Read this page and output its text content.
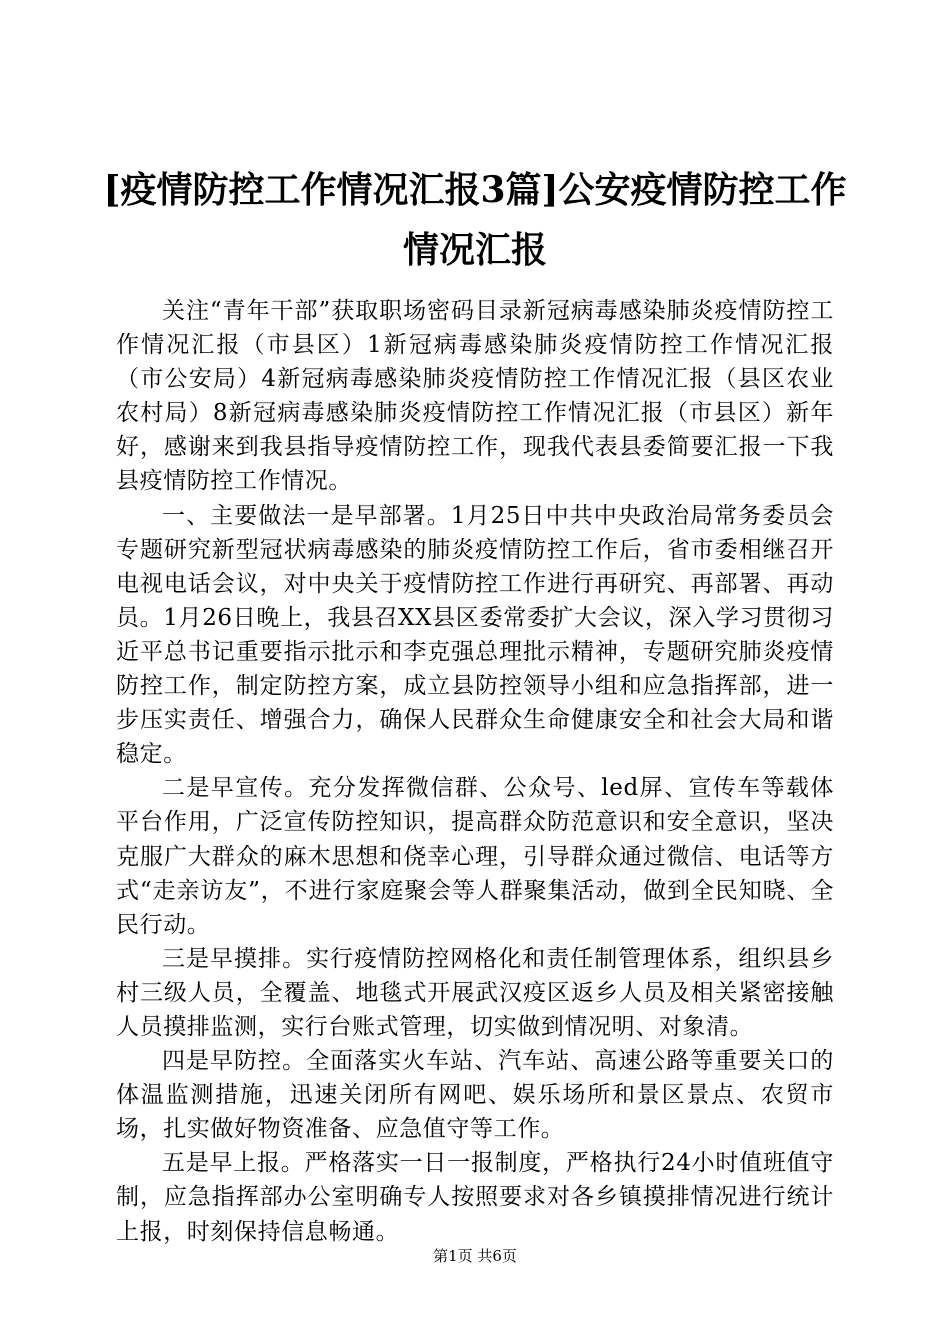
[疫情防控工作情况汇报3篇]公安疫情防控工作情况汇报

关注“青年干部”获取职场密码目录新冠病毒感染肺炎疫情防控工作情况汇报（市县区）1新冠病毒感染肺炎疫情防控工作情况汇报（市公安局）4新冠病毒感染肺炎疫情防控工作情况汇报（县区农业农村局）8新冠病毒感染肺炎疫情防控工作情况汇报（市县区）新年好，感谢来到我县指导疫情防控工作，现我代表县委简要汇报一下我县疫情防控工作情况。

一、主要做法一是早部署。1月25日中共中央政治局常务委员会专题研究新型冠状病毒感染的肺炎疫情防控工作后，省市委相继召开电视电话会议，对中央关于疫情防控工作进行再研究、再部署、再动员。1月26日晚上，我县召XX县区委常委扩大会议，深入学习贯彻习近平总书记重要指示批示和李克强总理批示精神，专题研究肺炎疫情防控工作，制定防控方案，成立县防控领导小组和应急指挥部，进一步压实责任、增强合力，确保人民群众生命健康安全和社会大局和谐稳定。

二是早宣传。充分发挥微信群、公众号、led屏、宣传车等载体平台作用，广泛宣传防控知识，提高群众防范意识和安全意识，坚决克服广大群众的麻木思想和侥幸心理，引导群众通过微信、电话等方式“走亲访友”，不进行家庭聚会等人群聚集活动，做到全民知晓、全民行动。

三是早摸排。实行疫情防控网格化和责任制管理体系，组织县乡村三级人员，全覆盖、地毯式开展武汉疫区返乡人员及相关紧密接触人员摸排监测，实行台账式管理，切实做到情况明、对象清。

四是早防控。全面落实火车站、汽车站、高速公路等重要关口的体温监测措施，迅速关闭所有网吧、娱乐场所和景区景点、农贸市场，扎实做好物资准备、应急值守等工作。

五是早上报。严格落实一日一报制度，严格执行24小时值班值守制，应急指挥部办公室明确专人按照要求对各乡镇摸排情况进行统计上报，时刻保持信息畅通。

第1页 共6页
